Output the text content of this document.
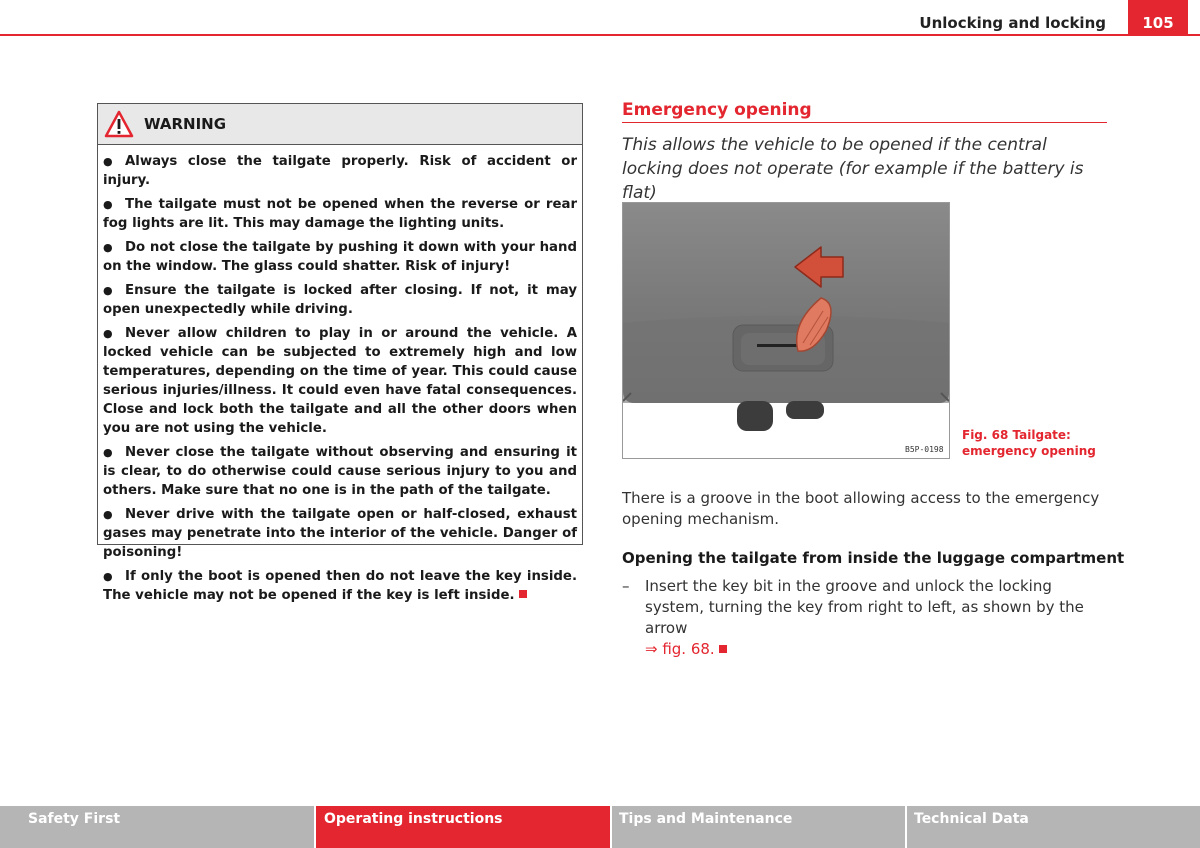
Unlocking and locking	105
WARNING
● Always close the tailgate properly. Risk of accident or injury.
● The tailgate must not be opened when the reverse or rear fog lights are lit. This may damage the lighting units.
● Do not close the tailgate by pushing it down with your hand on the window. The glass could shatter. Risk of injury!
● Ensure the tailgate is locked after closing. If not, it may open unexpectedly while driving.
● Never allow children to play in or around the vehicle. A locked vehicle can be subjected to extremely high and low temperatures, depending on the time of year. This could cause serious injuries/illness. It could even have fatal consequences. Close and lock both the tailgate and all the other doors when you are not using the vehicle.
● Never close the tailgate without observing and ensuring it is clear, to do otherwise could cause serious injury to you and others. Make sure that no one is in the path of the tailgate.
● Never drive with the tailgate open or half-closed, exhaust gases may penetrate into the interior of the vehicle. Danger of poisoning!
● If only the boot is opened then do not leave the key inside. The vehicle may not be opened if the key is left inside.
Emergency opening
This allows the vehicle to be opened if the central locking does not operate (for example if the battery is flat)
B5P-0198
Fig. 68 Tailgate: emergency opening
There is a groove in the boot allowing access to the emergency opening mechanism.
Opening the tailgate from inside the luggage compartment
– Insert the key bit in the groove and unlock the locking system, turning the key from right to left, as shown by the arrow
⇒ fig. 68.
Safety First	Operating instructions	Tips and Maintenance	Technical Data
